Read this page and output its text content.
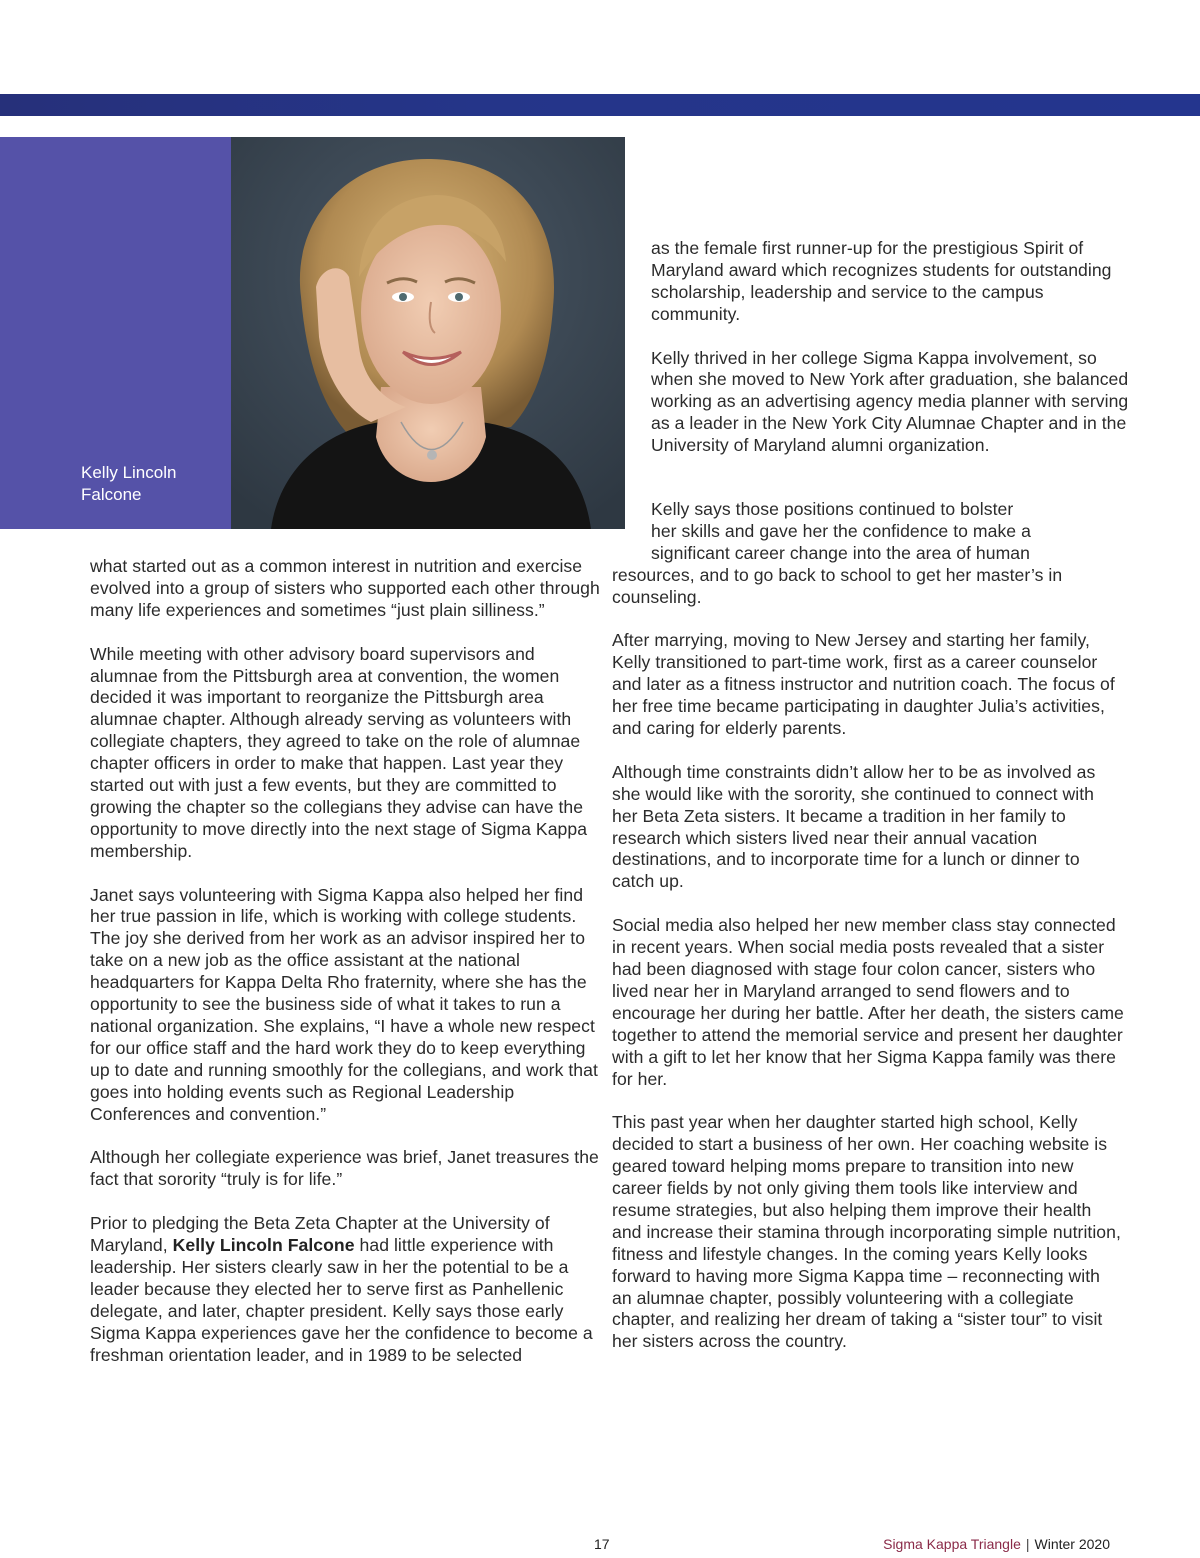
Kelly Lincoln
Falcone

what started out as a common interest in nutrition and exercise evolved into a group of sisters who supported each other through many life experiences and sometimes “just plain silliness.”

While meeting with other advisory board supervisors and alumnae from the Pittsburgh area at convention, the women decided it was important to reorganize the Pittsburgh area alumnae chapter. Although already serving as volunteers with collegiate chapters, they agreed to take on the role of alumnae chapter officers in order to make that happen. Last year they started out with just a few events, but they are committed to growing the chapter so the collegians they advise can have the opportunity to move directly into the next stage of Sigma Kappa membership.

Janet says volunteering with Sigma Kappa also helped her find her true passion in life, which is working with college students. The joy she derived from her work as an advisor inspired her to take on a new job as the office assistant at the national headquarters for Kappa Delta Rho fraternity, where she has the opportunity to see the business side of what it takes to run a national organization. She explains, “I have a whole new respect for our office staff and the hard work they do to keep everything up to date and running smoothly for the collegians, and work that goes into holding events such as Regional Leadership Conferences and convention.”

Although her collegiate experience was brief, Janet treasures the fact that sorority “truly is for life.”

Prior to pledging the Beta Zeta Chapter at the University of Maryland, Kelly Lincoln Falcone had little experience with leadership. Her sisters clearly saw in her the potential to be a leader because they elected her to serve first as Panhellenic delegate, and later, chapter president. Kelly says those early Sigma Kappa experiences gave her the confidence to become a freshman orientation leader, and in 1989 to be selected

as the female first runner-up for the prestigious Spirit of Maryland award which recognizes students for outstanding scholarship, leadership and service to the campus community.

Kelly thrived in her college Sigma Kappa involvement, so when she moved to New York after graduation, she balanced working as an advertising agency media planner with serving as a leader in the New York City Alumnae Chapter and in the University of Maryland alumni organization.

Kelly says those positions continued to bolster
her skills and gave her the confidence to make a
significant career change into the area of human
resources, and to go back to school to get her master’s in counseling.

After marrying, moving to New Jersey and starting her family, Kelly transitioned to part-time work, first as a career counselor and later as a fitness instructor and nutrition coach. The focus of her free time became participating in daughter Julia’s activities, and caring for elderly parents.

Although time constraints didn’t allow her to be as involved as she would like with the sorority, she continued to connect with her Beta Zeta sisters. It became a tradition in her family to research which sisters lived near their annual vacation destinations, and to incorporate time for a lunch or dinner to catch up.

Social media also helped her new member class stay connected in recent years. When social media posts revealed that a sister had been diagnosed with stage four colon cancer, sisters who lived near her in Maryland arranged to send flowers and to encourage her during her battle. After her death, the sisters came together to attend the memorial service and present her daughter with a gift to let her know that her Sigma Kappa family was there for her.

This past year when her daughter started high school, Kelly decided to start a business of her own. Her coaching website is geared toward helping moms prepare to transition into new career fields by not only giving them tools like interview and resume strategies, but also helping them improve their health and increase their stamina through incorporating simple nutrition, fitness and lifestyle changes. In the coming years Kelly looks forward to having more Sigma Kappa time – reconnecting with an alumnae chapter, possibly volunteering with a collegiate chapter, and realizing her dream of taking a “sister tour” to visit her sisters across the country.

17	Sigma Kappa Triangle | Winter 2020
